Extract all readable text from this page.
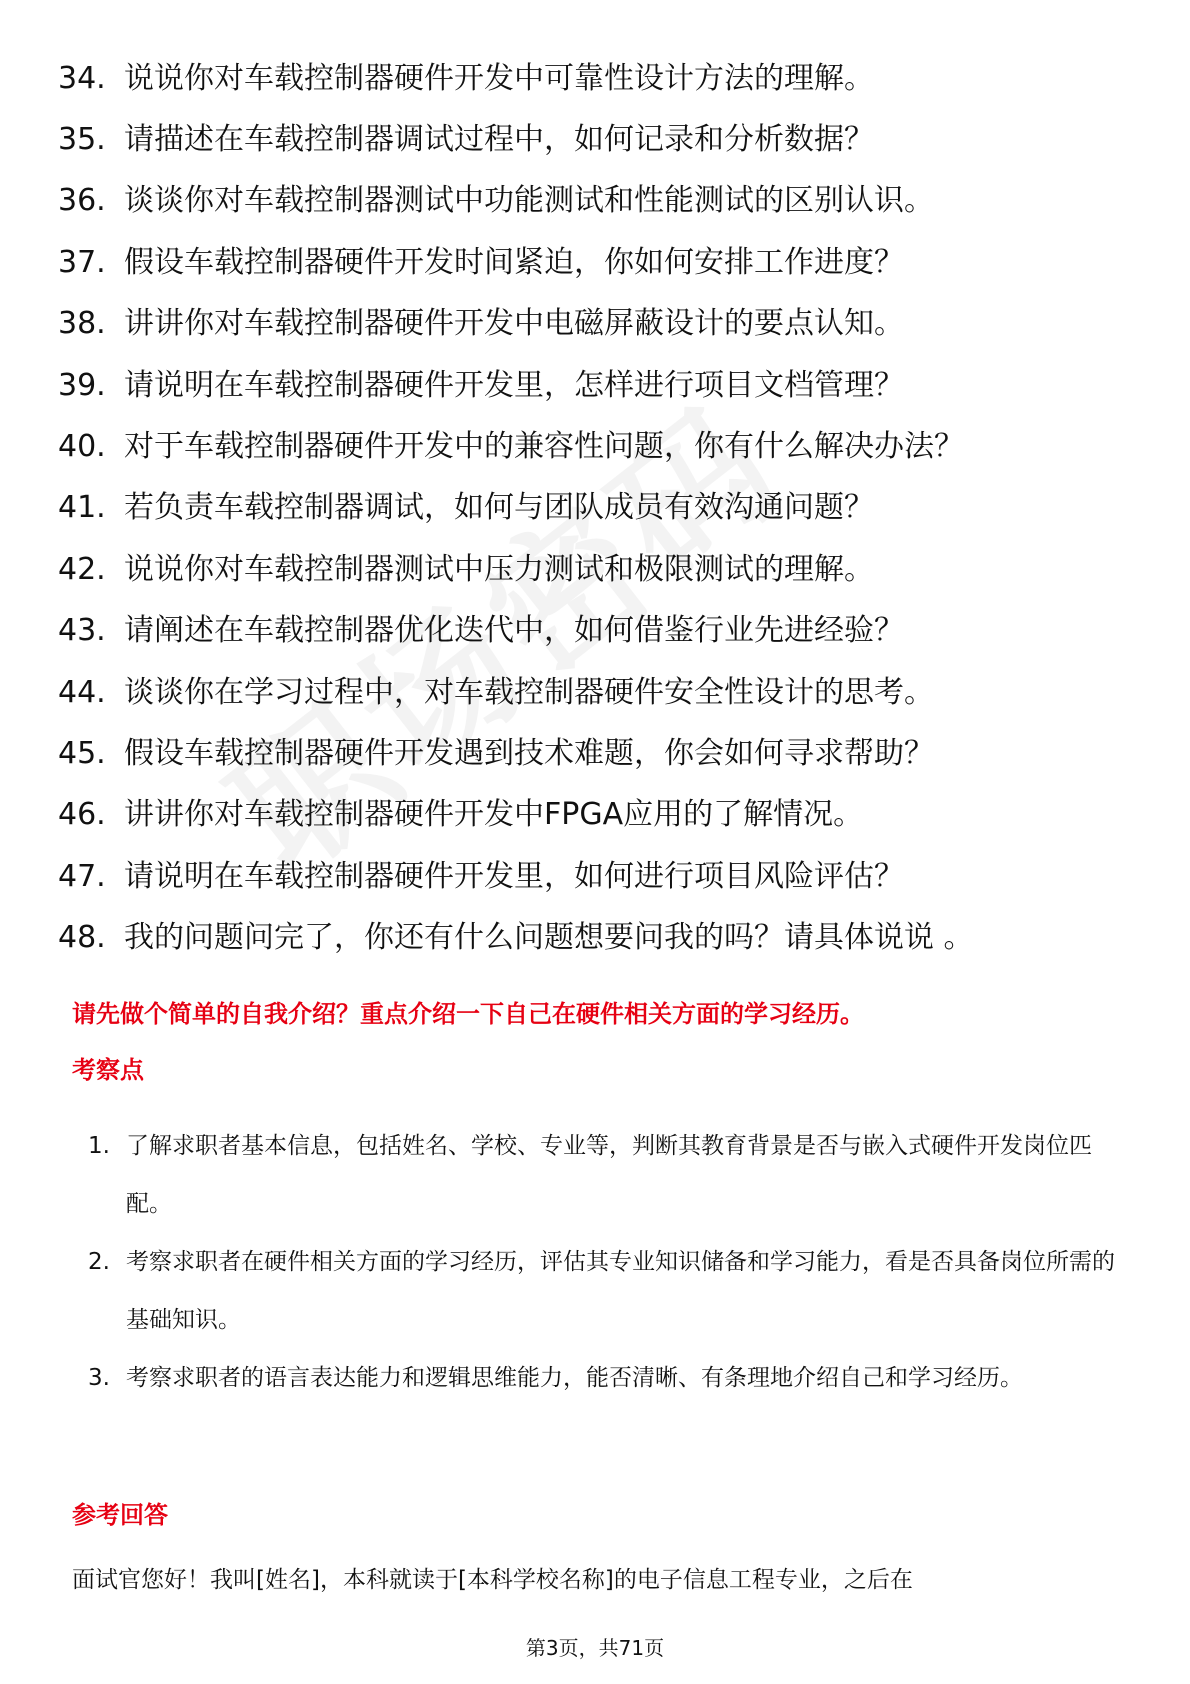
34. 说说你对车载控制器硬件开发中可靠性设计方法的理解。
35. 请描述在车载控制器调试过程中，如何记录和分析数据？
36. 谈谈你对车载控制器测试中功能测试和性能测试的区别认识。
37. 假设车载控制器硬件开发时间紧迫，你如何安排工作进度？
38. 讲讲你对车载控制器硬件开发中电磁屏蔽设计的要点认知。
39. 请说明在车载控制器硬件开发里，怎样进行项目文档管理？
40. 对于车载控制器硬件开发中的兼容性问题，你有什么解决办法？
41. 若负责车载控制器调试，如何与团队成员有效沟通问题？
42. 说说你对车载控制器测试中压力测试和极限测试的理解。
43. 请阐述在车载控制器优化迭代中，如何借鉴行业先进经验？
44. 谈谈你在学习过程中，对车载控制器硬件安全性设计的思考。
45. 假设车载控制器硬件开发遇到技术难题，你会如何寻求帮助？
46. 讲讲你对车载控制器硬件开发中FPGA应用的了解情况。
47. 请说明在车载控制器硬件开发里，如何进行项目风险评估？
48. 我的问题问完了，你还有什么问题想要问我的吗？请具体说说 。
请先做个简单的自我介绍？重点介绍一下自己在硬件相关方面的学习经历。
考察点
1. 了解求职者基本信息，包括姓名、学校、专业等，判断其教育背景是否与嵌入式硬件开发岗位匹配。
2. 考察求职者在硬件相关方面的学习经历，评估其专业知识储备和学习能力，看是否具备岗位所需的基础知识。
3. 考察求职者的语言表达能力和逻辑思维能力，能否清晰、有条理地介绍自己和学习经历。
参考回答
面试官您好！我叫[姓名]，本科就读于[本科学校名称]的电子信息工程专业，之后在
第3页，共71页
